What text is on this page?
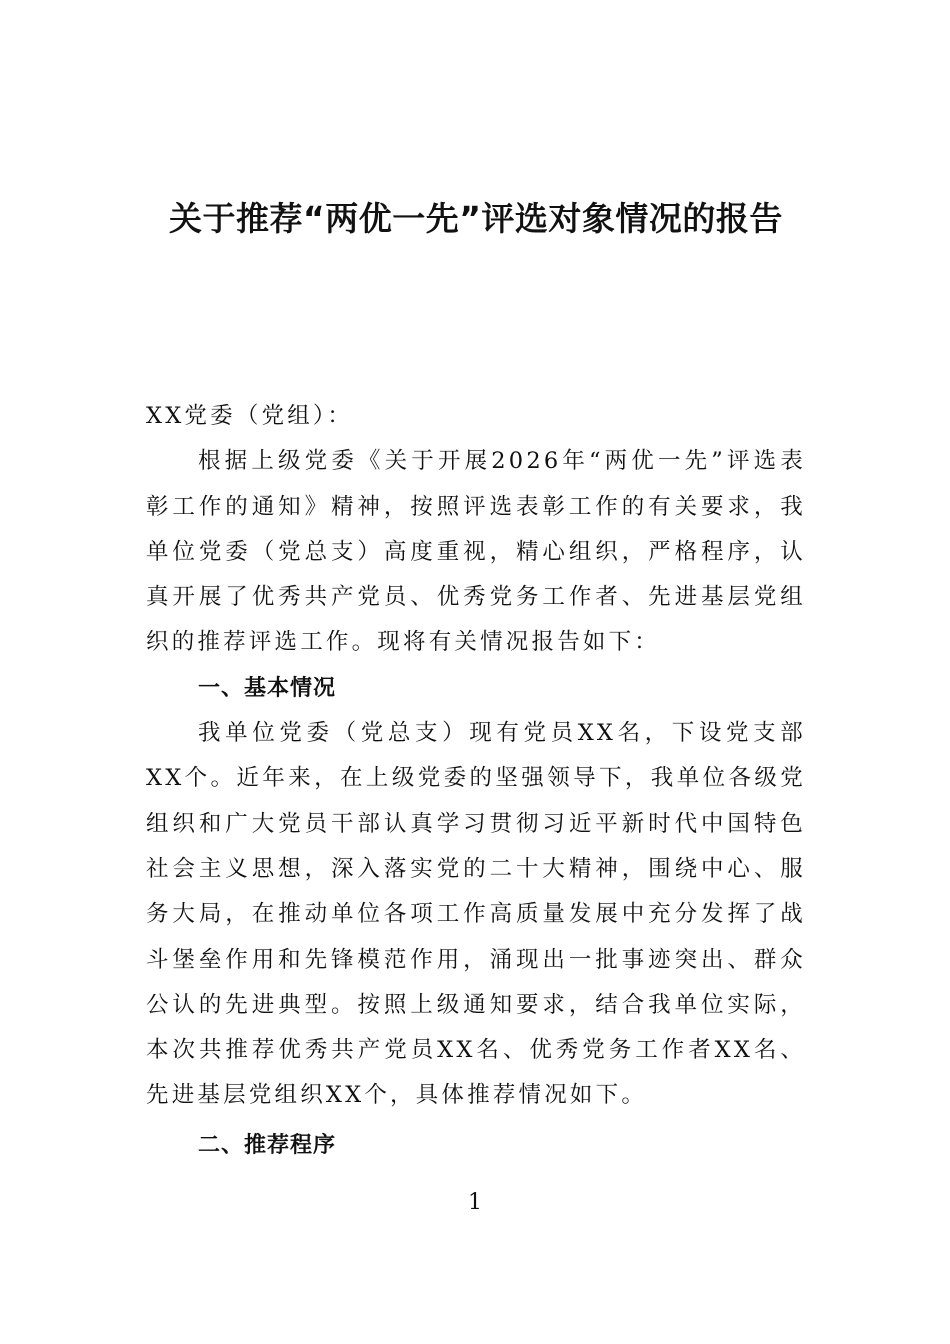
关于推荐“两优一先”评选对象情况的报告

XX党委（党组）：

根据上级党委《关于开展2026年“两优一先”评选表彰工作的通知》精神，按照评选表彰工作的有关要求，我单位党委（党总支）高度重视，精心组织，严格程序，认真开展了优秀共产党员、优秀党务工作者、先进基层党组织的推荐评选工作。现将有关情况报告如下：

一、基本情况

我单位党委（党总支）现有党员XX名，下设党支部XX个。近年来，在上级党委的坚强领导下，我单位各级党组织和广大党员干部认真学习贯彻习近平新时代中国特色社会主义思想，深入落实党的二十大精神，围绕中心、服务大局，在推动单位各项工作高质量发展中充分发挥了战斗堡垒作用和先锋模范作用，涌现出一批事迹突出、群众公认的先进典型。按照上级通知要求，结合我单位实际，本次共推荐优秀共产党员XX名、优秀党务工作者XX名、先进基层党组织XX个，具体推荐情况如下。

二、推荐程序

1
